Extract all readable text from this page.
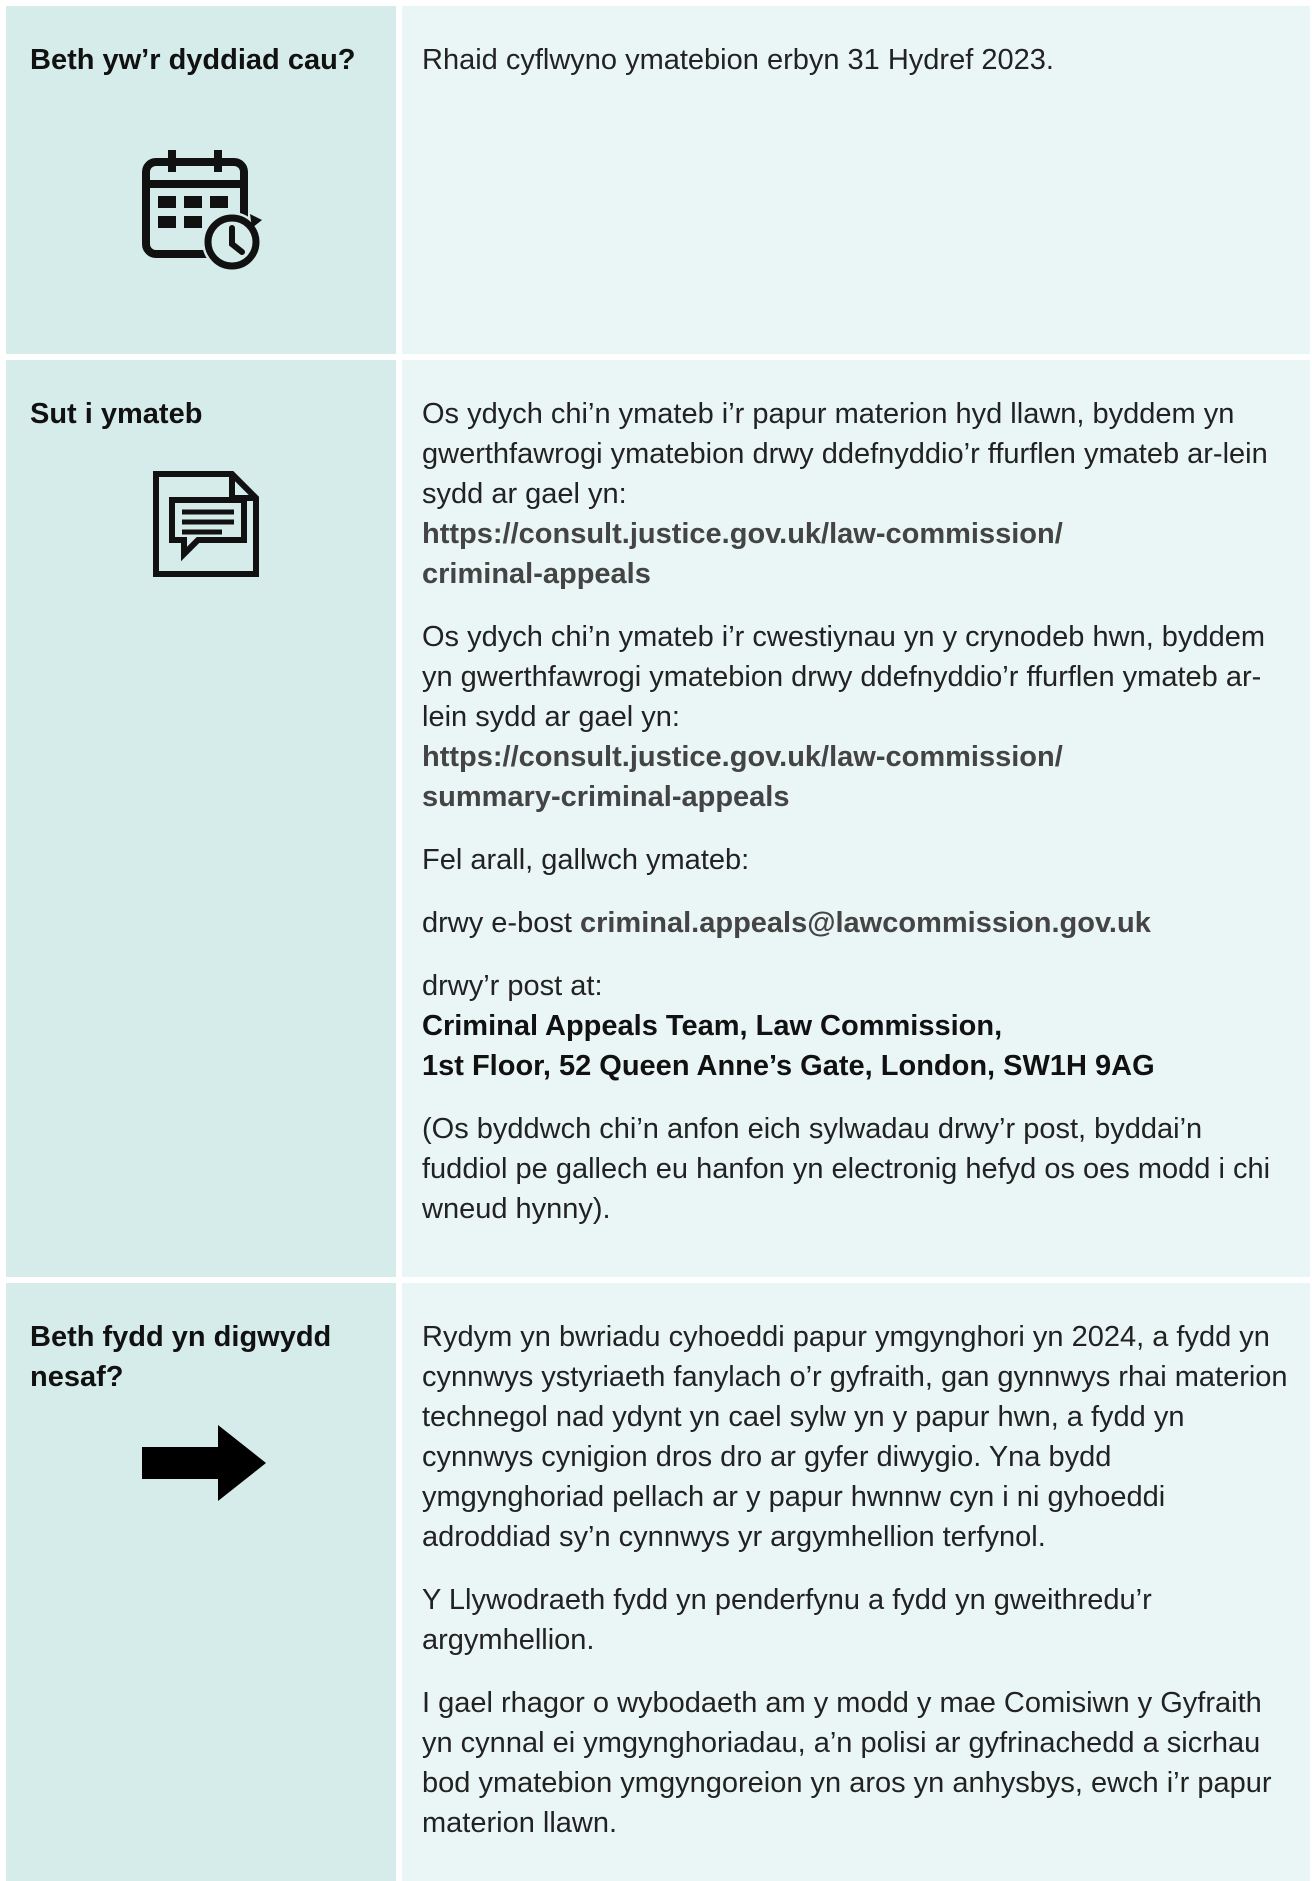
Beth yw’r dyddiad cau?	Rhaid cyflwyno ymatebion erbyn 31 Hydref 2023.

Sut i ymateb	Os ydych chi’n ymateb i’r papur materion hyd llawn, byddem yn gwerthfawrogi ymatebion drwy ddefnyddio’r ffurflen ymateb ar-lein sydd ar gael yn:
https://consult.justice.gov.uk/law-commission/
criminal-appeals

Os ydych chi’n ymateb i’r cwestiynau yn y crynodeb hwn, byddem yn gwerthfawrogi ymatebion drwy ddefnyddio’r ffurflen ymateb ar-lein sydd ar gael yn:
https://consult.justice.gov.uk/law-commission/
summary-criminal-appeals

Fel arall, gallwch ymateb:

drwy e-bost criminal.appeals@lawcommission.gov.uk

drwy’r post at:
Criminal Appeals Team, Law Commission,
1st Floor, 52 Queen Anne’s Gate, London, SW1H 9AG

(Os byddwch chi’n anfon eich sylwadau drwy’r post, byddai’n fuddiol pe gallech eu hanfon yn electronig hefyd os oes modd i chi wneud hynny).

Beth fydd yn digwydd nesaf?

Rydym yn bwriadu cyhoeddi papur ymgynghori yn 2024, a fydd yn cynnwys ystyriaeth fanylach o’r gyfraith, gan gynnwys rhai materion technegol nad ydynt yn cael sylw yn y papur hwn, a fydd yn cynnwys cynigion dros dro ar gyfer diwygio. Yna bydd ymgynghoriad pellach ar y papur hwnnw cyn i ni gyhoeddi adroddiad sy’n cynnwys yr argymhellion terfynol.

Y Llywodraeth fydd yn penderfynu a fydd yn gweithredu’r argymhellion.

I gael rhagor o wybodaeth am y modd y mae Comisiwn y Gyfraith yn cynnal ei ymgynghoriadau, a’n polisi ar gyfrinachedd a sicrhau bod ymatebion ymgyngoreion yn aros yn anhysbys, ewch i’r papur materion llawn.
